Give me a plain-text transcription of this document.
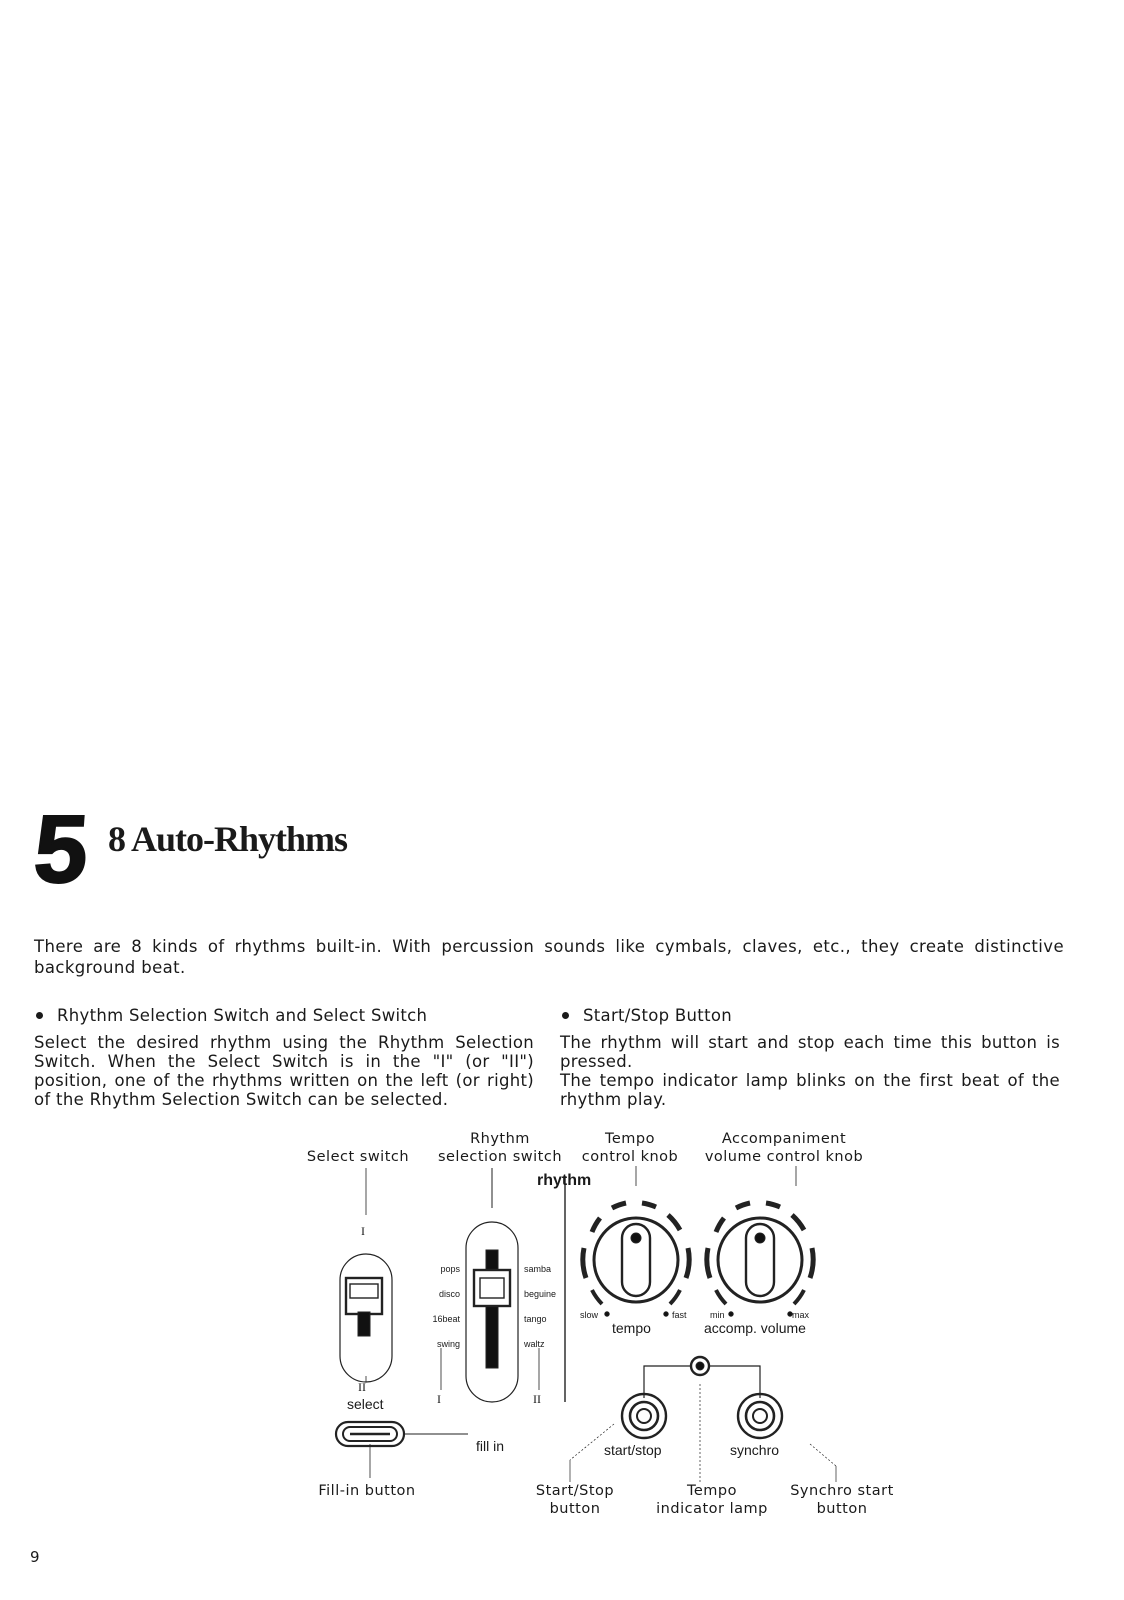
5 8 Auto-Rhythms
There are 8 kinds of rhythms built-in. With percussion sounds like cymbals, claves, etc., they create distinctive background beat.
Rhythm Selection Switch and Select Switch
Select the desired rhythm using the Rhythm Selection Switch. When the Select Switch is in the "I" (or "II") position, one of the rhythms written on the left (or right) of the Rhythm Selection Switch can be selected.
Start/Stop Button
The rhythm will start and stop each time this button is pressed.
The tempo indicator lamp blinks on the first beat of the rhythm play.
Select switch
Rhythm
selection switch
Tempo
control knob
Accompaniment
volume control knob
Fill-in button	Start/Stop
button
Tempo
indicator lamp
Synchro start
button
rhythm
select
fill in
tempo	accomp. volume
slow	fast	min	max
start/stop	synchro
I
II
I	II
pops
disco
16beat
swing
samba
beguine
tango
waltz
9
